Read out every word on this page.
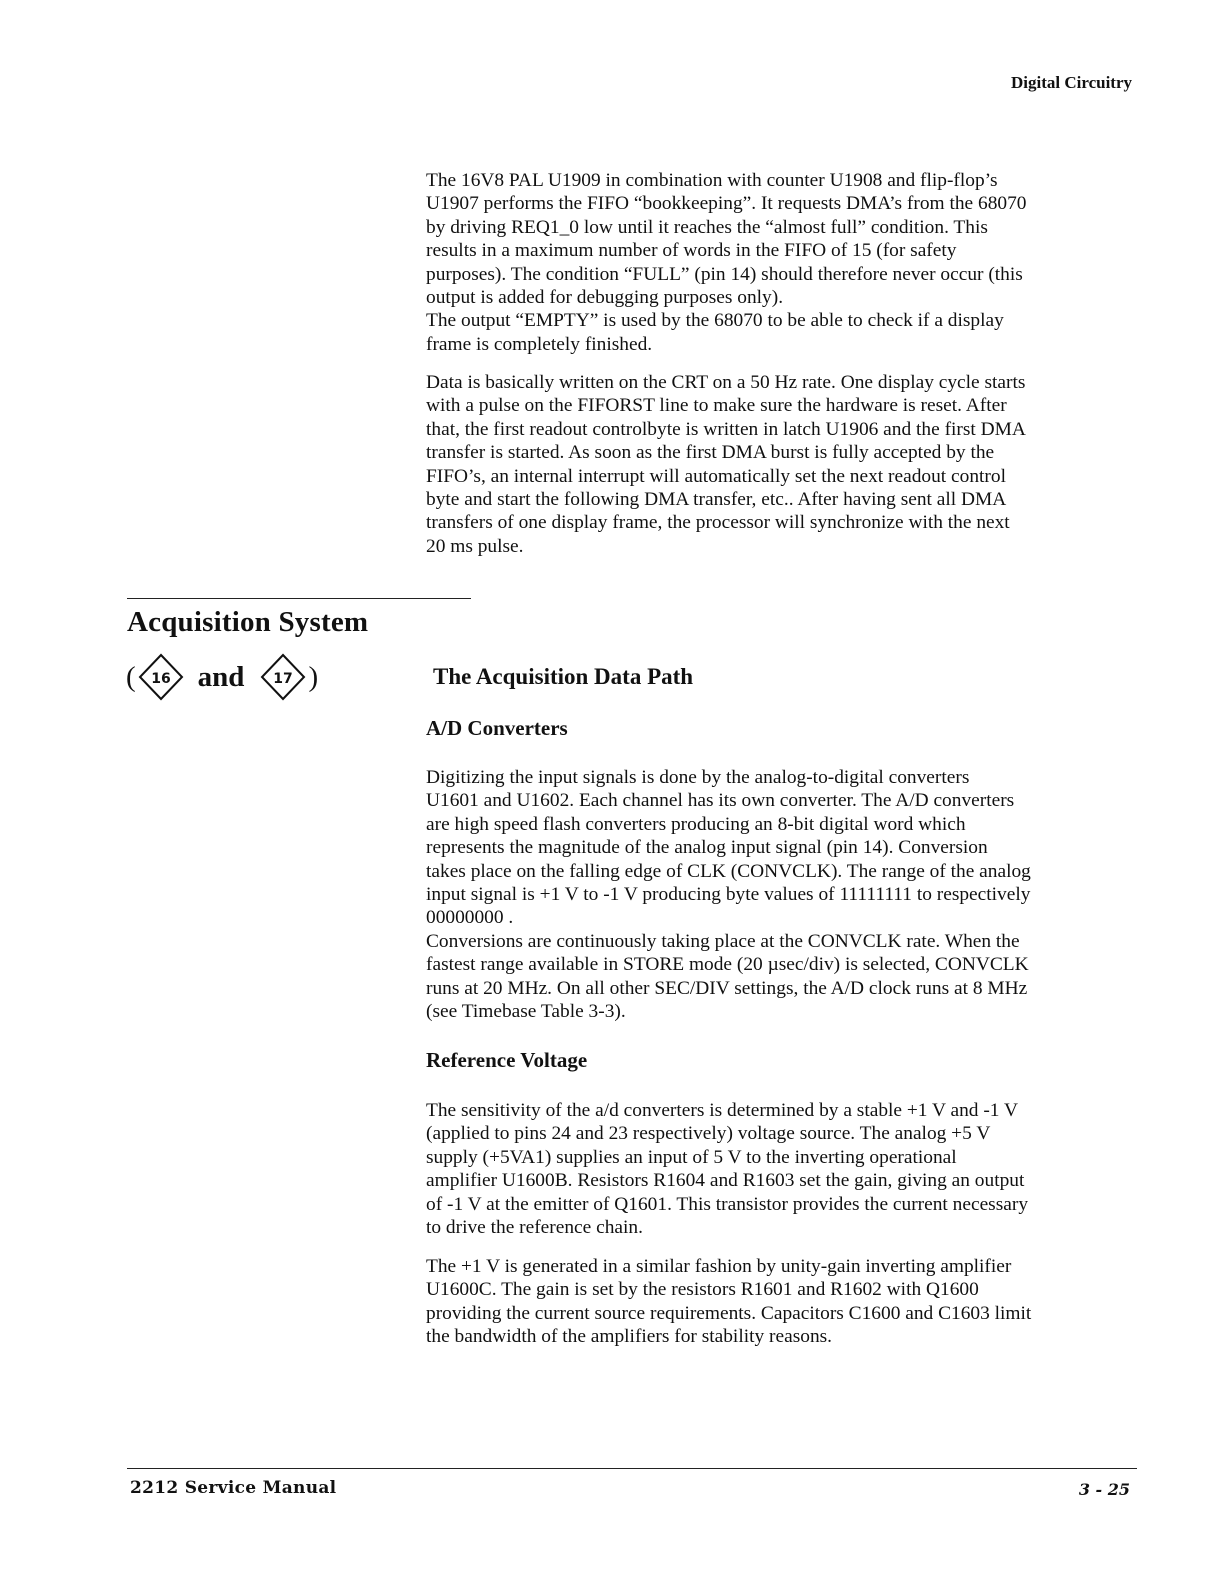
Digital Circuitry

The 16V8 PAL U1909 in combination with counter U1908 and flip-flop’s

U1907 performs the FIFO “bookkeeping”. It requests DMA’s from the 68070

by driving REQ1_0 low until it reaches the “almost full” condition. This

results in a maximum number of words in the FIFO of 15 (for safety

purposes). The condition “FULL” (pin 14) should therefore never occur (this

output is added for debugging purposes only).

The output “EMPTY” is used by the 68070 to be able to check if a display

frame is completely finished.

Data is basically written on the CRT on a 50 Hz rate. One display cycle starts

with a pulse on the FIFORST line to make sure the hardware is reset. After

that, the first readout controlbyte is written in latch U1906 and the first DMA

transfer is started. As soon as the first DMA burst is fully accepted by the

FIFO’s, an internal interrupt will automatically set the next readout control

byte and start the following DMA transfer, etc.. After having sent all DMA

transfers of one display frame, the processor will synchronize with the next

20 ms pulse.

Acquisition System
( 16 and 17 )	The Acquisition Data Path
A/D Converters

Digitizing the input signals is done by the analog-to-digital converters

U1601 and U1602. Each channel has its own converter. The A/D converters

are high speed flash converters producing an 8-bit digital word which

represents the magnitude of the analog input signal (pin 14). Conversion

takes place on the falling edge of CLK (CONVCLK). The range of the analog

input signal is +1 V to -1 V producing byte values of 11111111 to respectively

00000000 .

Conversions are continuously taking place at the CONVCLK rate. When the

fastest range available in STORE mode (20 µsec/div) is selected, CONVCLK

runs at 20 MHz. On all other SEC/DIV settings, the A/D clock runs at 8 MHz

(see Timebase Table 3-3).

Reference Voltage

The sensitivity of the a/d converters is determined by a stable +1 V and -1 V

(applied to pins 24 and 23 respectively) voltage source. The analog +5 V

supply (+5VA1) supplies an input of 5 V to the inverting operational

amplifier U1600B. Resistors R1604 and R1603 set the gain, giving an output

of -1 V at the emitter of Q1601. This transistor provides the current necessary

to drive the reference chain.

The +1 V is generated in a similar fashion by unity-gain inverting amplifier

U1600C. The gain is set by the resistors R1601 and R1602 with Q1600

providing the current source requirements. Capacitors C1600 and C1603 limit

the bandwidth of the amplifiers for stability reasons.

2212 Service Manual	3 - 25
